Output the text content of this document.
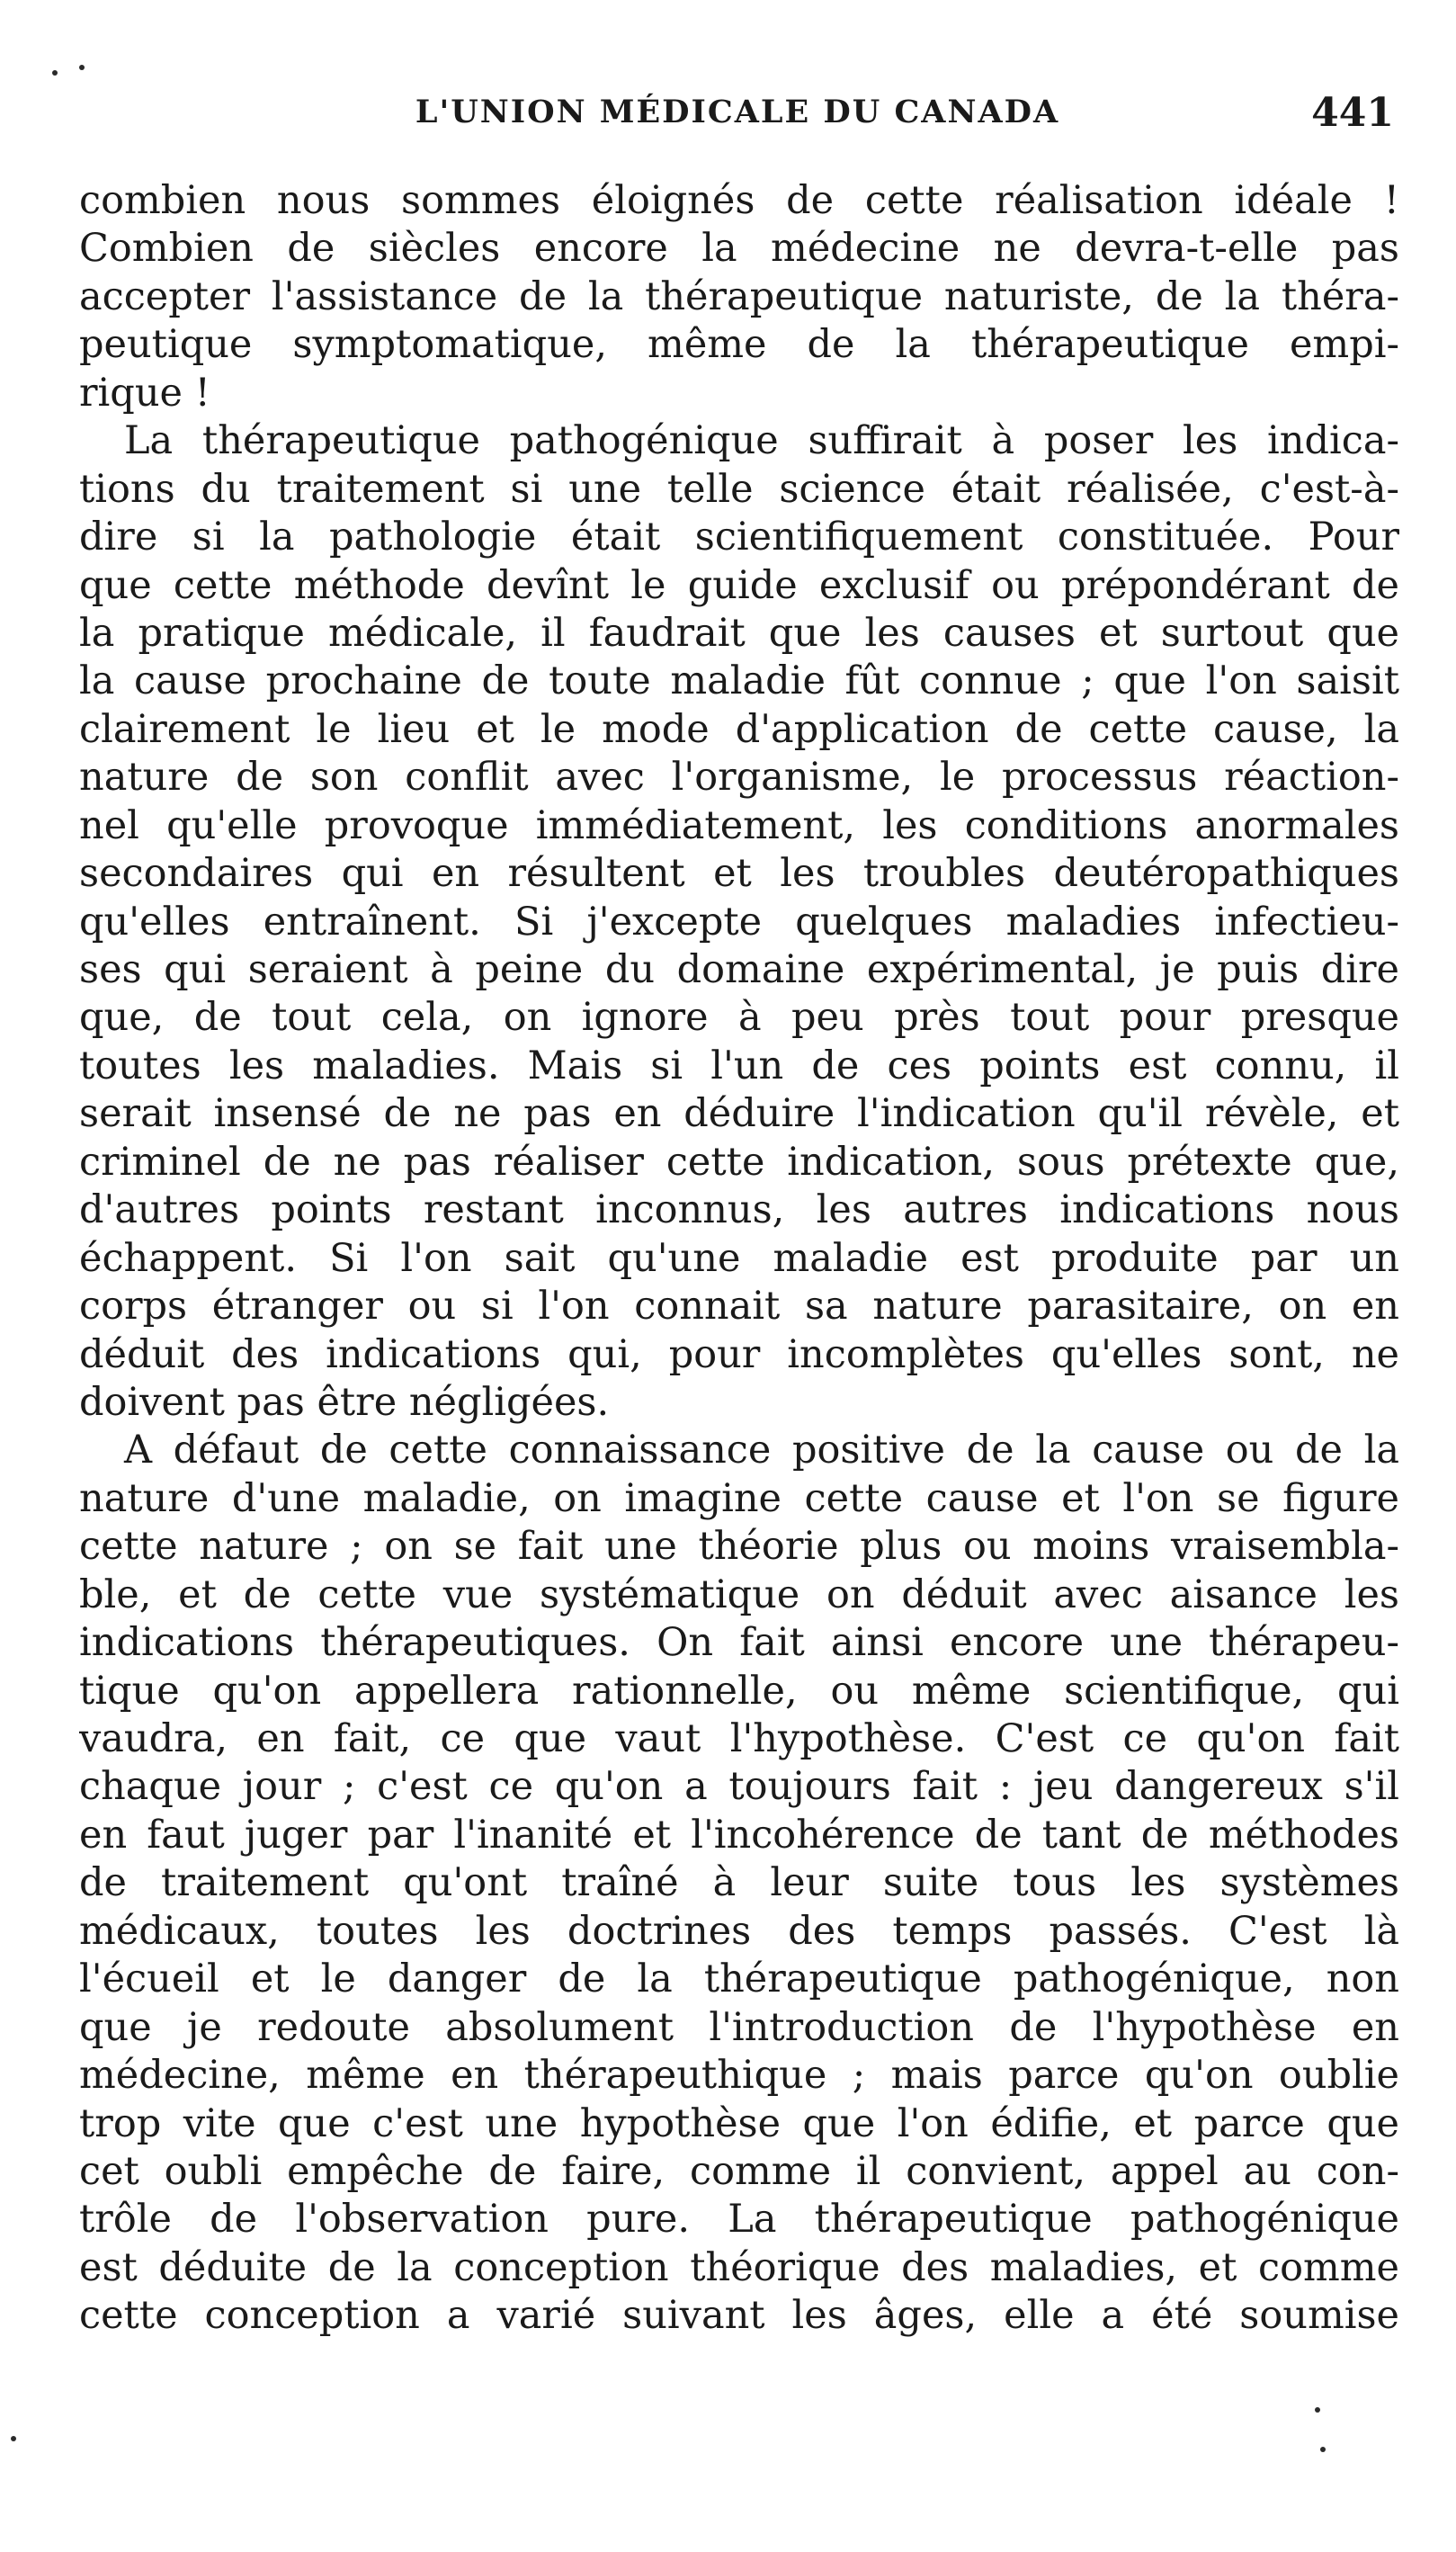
L'UNION MÉDICALE DU CANADA	441
combien nous sommes éloignés de cette réalisation idéale !
Combien de siècles encore la médecine ne devra-t-elle pas
accepter l'assistance de la thérapeutique naturiste, de la théra-
peutique symptomatique, même de la thérapeutique empi-
rique !
La thérapeutique pathogénique suffirait à poser les indica-
tions du traitement si une telle science était réalisée, c'est-à-
dire si la pathologie était scientifiquement constituée. Pour
que cette méthode devînt le guide exclusif ou prépondérant de
la pratique médicale, il faudrait que les causes et surtout que
la cause prochaine de toute maladie fût connue ; que l'on saisit
clairement le lieu et le mode d'application de cette cause, la
nature de son conflit avec l'organisme, le processus réaction-
nel qu'elle provoque immédiatement, les conditions anormales
secondaires qui en résultent et les troubles deutéropathiques
qu'elles entraînent. Si j'excepte quelques maladies infectieu-
ses qui seraient à peine du domaine expérimental, je puis dire
que, de tout cela, on ignore à peu près tout pour presque
toutes les maladies. Mais si l'un de ces points est connu, il
serait insensé de ne pas en déduire l'indication qu'il révèle, et
criminel de ne pas réaliser cette indication, sous prétexte que,
d'autres points restant inconnus, les autres indications nous
échappent. Si l'on sait qu'une maladie est produite par un
corps étranger ou si l'on connait sa nature parasitaire, on en
déduit des indications qui, pour incomplètes qu'elles sont, ne
doivent pas être négligées.
A défaut de cette connaissance positive de la cause ou de la
nature d'une maladie, on imagine cette cause et l'on se figure
cette nature ; on se fait une théorie plus ou moins vraisembla-
ble, et de cette vue systématique on déduit avec aisance les
indications thérapeutiques. On fait ainsi encore une thérapeu-
tique qu'on appellera rationnelle, ou même scientifique, qui
vaudra, en fait, ce que vaut l'hypothèse. C'est ce qu'on fait
chaque jour ; c'est ce qu'on a toujours fait : jeu dangereux s'il
en faut juger par l'inanité et l'incohérence de tant de méthodes
de traitement qu'ont traîné à leur suite tous les systèmes
médicaux, toutes les doctrines des temps passés. C'est là
l'écueil et le danger de la thérapeutique pathogénique, non
que je redoute absolument l'introduction de l'hypothèse en
médecine, même en thérapeuthique ; mais parce qu'on oublie
trop vite que c'est une hypothèse que l'on édifie, et parce que
cet oubli empêche de faire, comme il convient, appel au con-
trôle de l'observation pure. La thérapeutique pathogénique
est déduite de la conception théorique des maladies, et comme
cette conception a varié suivant les âges, elle a été soumise
